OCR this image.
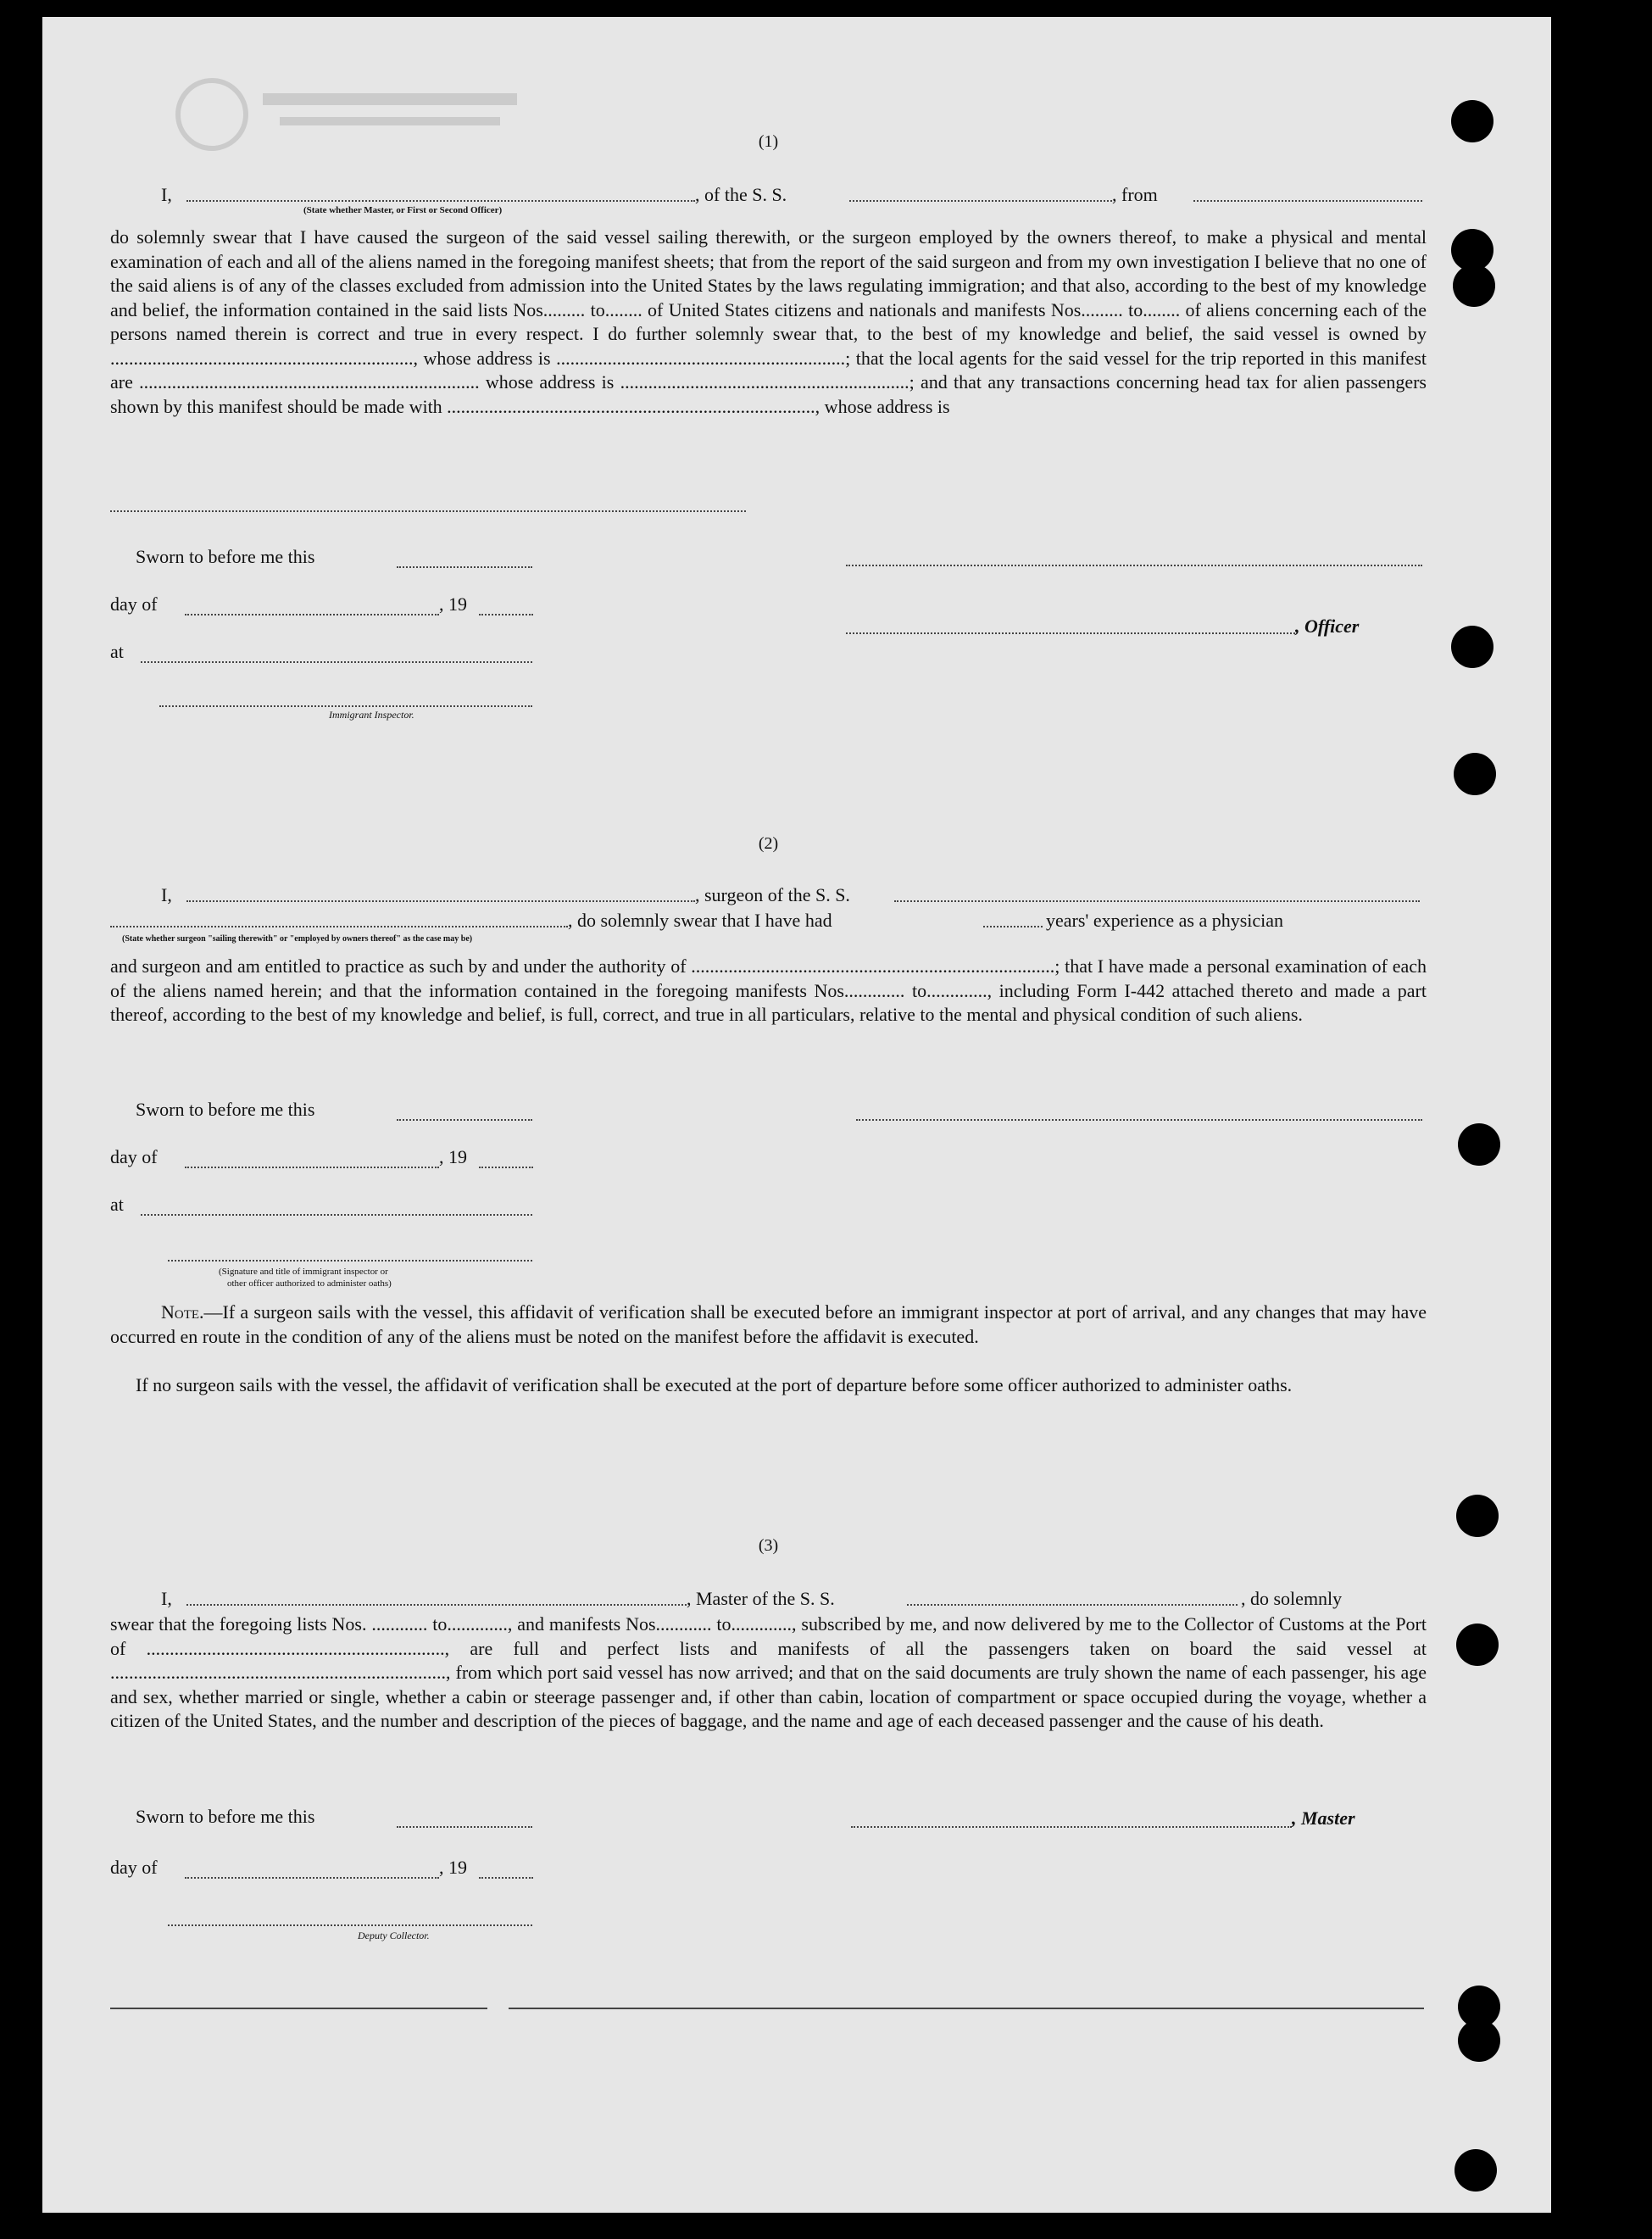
(1)
I,	, of the S. S.	, from
(State whether Master, or First or Second Officer)
do solemnly swear that I have caused the surgeon of the said vessel sailing therewith, or the surgeon employed by the owners thereof, to make a physical and mental examination of each and all of the aliens named in the foregoing manifest sheets; that from the report of the said surgeon and from my own investigation I believe that no one of the said aliens is of any of the classes excluded from admission into the United States by the laws regulating immigration; and that also, according to the best of my knowledge and belief, the information contained in the said lists Nos......... to........ of United States citizens and nationals and manifests Nos......... to........ of aliens concerning each of the persons named therein is correct and true in every respect. I do further solemnly swear that, to the best of my knowledge and belief, the said vessel is owned by ................................................................., whose address is ..............................................................; that the local agents for the said vessel for the trip reported in this manifest are ......................................................................... whose address is ..............................................................; and that any transactions concerning head tax for alien passengers shown by this manifest should be made with ..............................................................................., whose address is
Sworn to before me this
day of	, 19
, Officer
at
Immigrant Inspector.
(2)
I,	, surgeon of the S. S.
, do solemnly swear that I have had	years' experience as a physician
(State whether surgeon "sailing therewith" or "employed by owners thereof" as the case may be)
and surgeon and am entitled to practice as such by and under the authority of ..............................................................................; that I have made a personal examination of each of the aliens named herein; and that the information contained in the foregoing manifests Nos............. to............., including Form I-442 attached thereto and made a part thereof, according to the best of my knowledge and belief, is full, correct, and true in all particulars, relative to the mental and physical condition of such aliens.
Sworn to before me this
day of	, 19
at
(Signature and title of immigrant inspector or
other officer authorized to administer oaths)
Note.—If a surgeon sails with the vessel, this affidavit of verification shall be executed before an immigrant inspector at port of arrival, and any changes that may have occurred en route in the condition of any of the aliens must be noted on the manifest before the affidavit is executed.
If no surgeon sails with the vessel, the affidavit of verification shall be executed at the port of departure before some officer authorized to administer oaths.
(3)
I,	, Master of the S. S.	, do solemnly
swear that the foregoing lists Nos. ............ to............., and manifests Nos............ to............., subscribed by me, and now delivered by me to the Collector of Customs at the Port of ................................................................, are full and perfect lists and manifests of all the passengers taken on board the said vessel at ........................................................................, from which port said vessel has now arrived; and that on the said documents are truly shown the name of each passenger, his age and sex, whether married or single, whether a cabin or steerage passenger and, if other than cabin, location of compartment or space occupied during the voyage, whether a citizen of the United States, and the number and description of the pieces of baggage, and the name and age of each deceased passenger and the cause of his death.
Sworn to before me this	, Master
day of	, 19
Deputy Collector.
